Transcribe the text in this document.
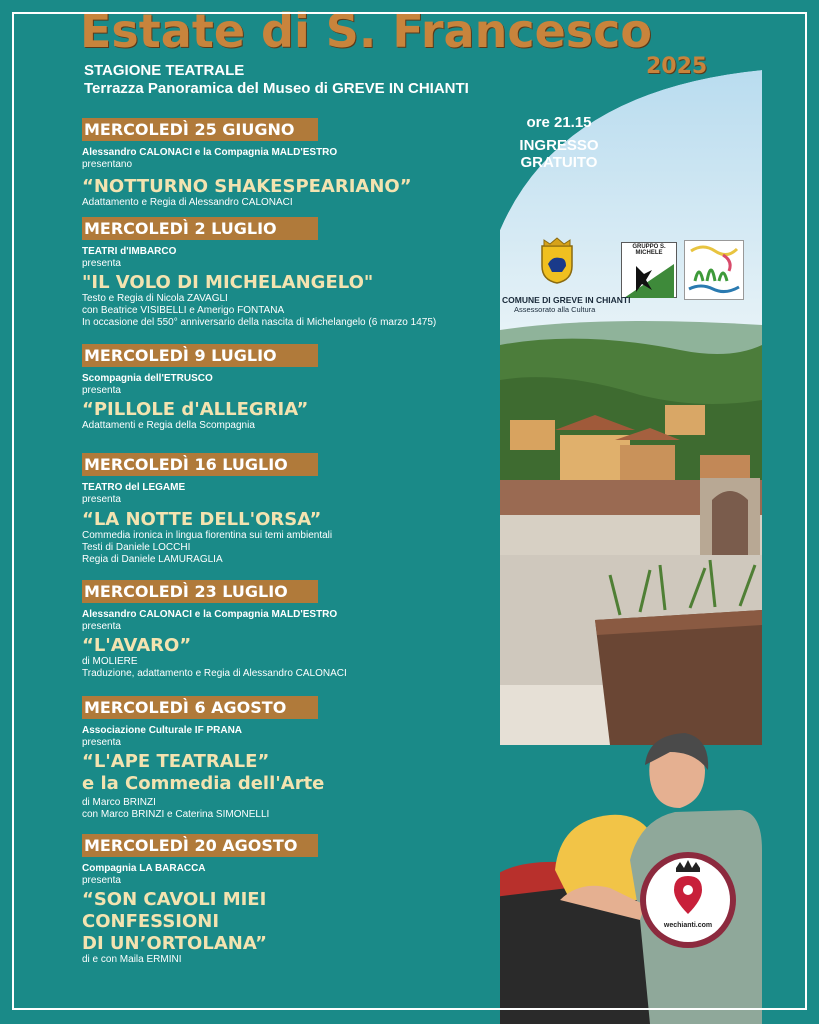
Estate di S. Francesco
2025
STAGIONE TEATRALE
Terrazza Panoramica del Museo di GREVE IN CHIANTI
ore 21.15
INGRESSO
GRATUITO
GRUPPO S. MICHELE
COMUNE DI GREVE IN CHIANTI
Assessorato alla Cultura
MERCOLEDÌ 25 GIUGNO
Alessandro CALONACI e la Compagnia MALD'ESTRO
presentano
“NOTTURNO SHAKESPEARIANO”
Adattamento e Regia di Alessandro CALONACI
MERCOLEDÌ 2 LUGLIO
TEATRI d'IMBARCO
presenta
"IL VOLO DI MICHELANGELO"
Testo e Regia di Nicola ZAVAGLI
con Beatrice VISIBELLI e Amerigo FONTANA
In occasione del 550° anniversario della nascita di Michelangelo (6 marzo 1475)
MERCOLEDÌ 9 LUGLIO
Scompagnia dell'ETRUSCO
presenta
“PILLOLE d'ALLEGRIA”
Adattamenti e Regia della Scompagnia
MERCOLEDÌ 16 LUGLIO
TEATRO del LEGAME
presenta
“LA NOTTE DELL'ORSA”
Commedia ironica in lingua fiorentina sui temi ambientali
Testi di Daniele LOCCHI
Regia di Daniele LAMURAGLIA
MERCOLEDÌ 23 LUGLIO
Alessandro CALONACI e la Compagnia MALD'ESTRO
presenta
“L'AVARO”
di MOLIERE
Traduzione, adattamento e Regia di Alessandro CALONACI
MERCOLEDÌ 6 AGOSTO
Associazione Culturale IF PRANA
presenta
“L'APE TEATRALE”
e la Commedia dell'Arte
di Marco BRINZI
con Marco BRINZI e Caterina SIMONELLI
MERCOLEDÌ 20 AGOSTO
Compagnia LA BARACCA
presenta
“SON CAVOLI MIEI
CONFESSIONI
DI UN’ORTOLANA”
di e con Maila ERMINI
wechianti.com
